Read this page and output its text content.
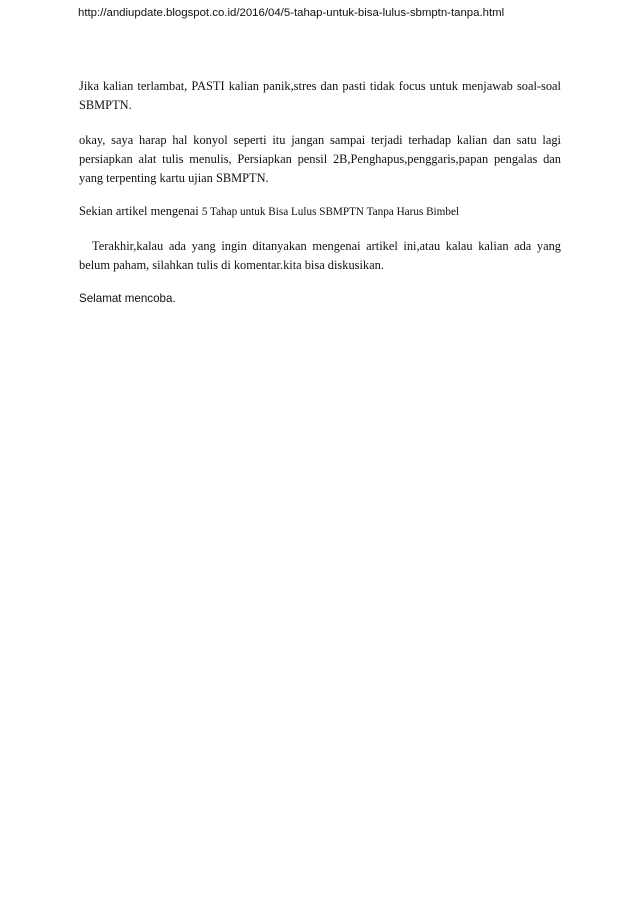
http://andiupdate.blogspot.co.id/2016/04/5-tahap-untuk-bisa-lulus-sbmptn-tanpa.html

Jika kalian terlambat, PASTI kalian panik,stres dan pasti tidak focus untuk menjawab soal-soal SBMPTN.

okay, saya harap hal konyol seperti itu jangan sampai terjadi terhadap kalian dan satu lagi persiapkan alat tulis menulis, Persiapkan pensil 2B,Penghapus,penggaris,papan pengalas dan yang terpenting kartu ujian SBMPTN.

Sekian artikel mengenai 5 Tahap untuk Bisa Lulus SBMPTN Tanpa Harus Bimbel

Terakhir,kalau ada yang ingin ditanyakan mengenai artikel ini,atau kalau kalian ada yang belum paham, silahkan tulis di komentar.kita bisa diskusikan.

Selamat mencoba.
